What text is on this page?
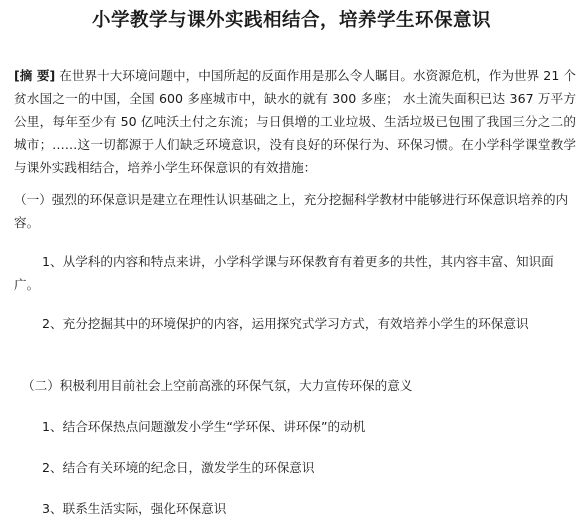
小学教学与课外实践相结合，培养学生环保意识
[摘 要] 在世界十大环境问题中，中国所起的反面作用是那么令人瞩目。水资源危机，作为世界 21 个贫水国之一的中国，全国 600 多座城市中，缺水的就有 300 多座； 水土流失面积已达 367 万平方公里，每年至少有 50 亿吨沃土付之东流；与日俱增的工业垃圾、生活垃圾已包围了我国三分之二的城市；……这一切都源于人们缺乏环境意识，没有良好的环保行为、环保习惯。在小学科学课堂教学与课外实践相结合，培养小学生环保意识的有效措施：
（一）强烈的环保意识是建立在理性认识基础之上，充分挖掘科学教材中能够进行环保意识培养的内容。
1、从学科的内容和特点来讲，小学科学课与环保教育有着更多的共性，其内容丰富、知识面广。
2、充分挖掘其中的环境保护的内容，运用探究式学习方式，有效培养小学生的环保意识
（二）积极利用目前社会上空前高涨的环保气氛，大力宣传环保的意义
1、结合环保热点问题激发小学生“学环保、讲环保”的动机
2、结合有关环境的纪念日，激发学生的环保意识
3、联系生活实际，强化环保意识
